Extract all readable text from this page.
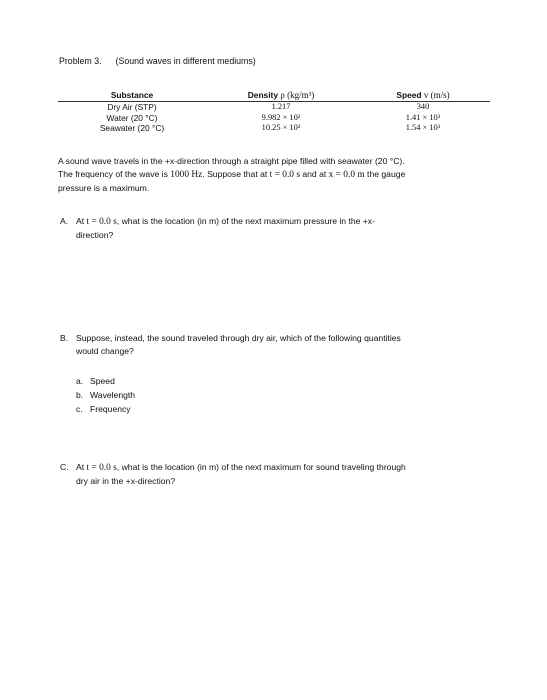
Problem 3. (Sound waves in different mediums)
Substance	Density ρ (kg/m³)	Speed v (m/s)
Dry Air (STP)	1.217	340
Water (20 °C)	9.982 × 10²	1.41 × 10³
Seawater (20 °C)	10.25 × 10²	1.54 × 10³
A sound wave travels in the +x-direction through a straight pipe filled with seawater (20 °C).
The frequency of the wave is 1000 Hz. Suppose that at t = 0.0 s and at x = 0.0 m the gauge
pressure is a maximum.
A. At t = 0.0 s, what is the location (in m) of the next maximum pressure in the +x-
direction?
B. Suppose, instead, the sound traveled through dry air, which of the following quantities
would change?
a. Speed
b. Wavelength
c. Frequency
C. At t = 0.0 s, what is the location (in m) of the next maximum for sound traveling through
dry air in the +x-direction?
